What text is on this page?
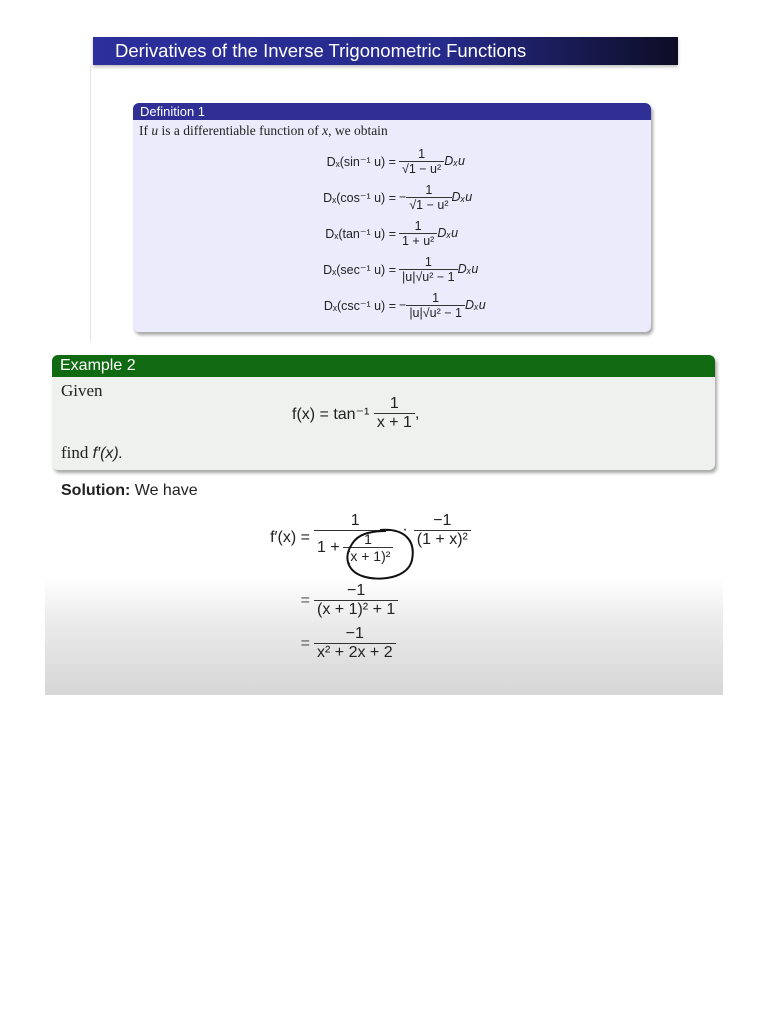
Derivatives of the Inverse Trigonometric Functions
Definition 1
If u is a differentiable function of x, we obtain
Dₓ(sin⁻¹ $u) = \frac{1}{\text{√1 − u²}}$ Dₓu
Dₓ(cos⁻¹ u) = − $\frac{1}{\text{√1 − u²}}$ Dₓu
Dₓ(tan⁻¹ $u) = \frac{1}{\text{1 + u²}}$ Dₓu
Dₓ(sec⁻¹ $u) = \frac{1}{\text{|u|√u² − 1}}$ Dₓu
Dₓ(csc⁻¹ u) = − $\frac{1}{\text{|u|√u² − 1}}$ Dₓu
Example 2
Given
f(x) = tan⁻¹
$\frac{1}{x + 1}$ ,
find f′(x).
Solution: We have
$f'(x) = \frac{1}{1 + \frac{1}{\text{(x + 1)²}}} \cdot \frac{-1}{\text{(1 + x)²}}$
= $\frac{-1}{\text{(x + 1)² + 1}}$
= $\frac{-1}{\text{x² + 2x + 2}}$
